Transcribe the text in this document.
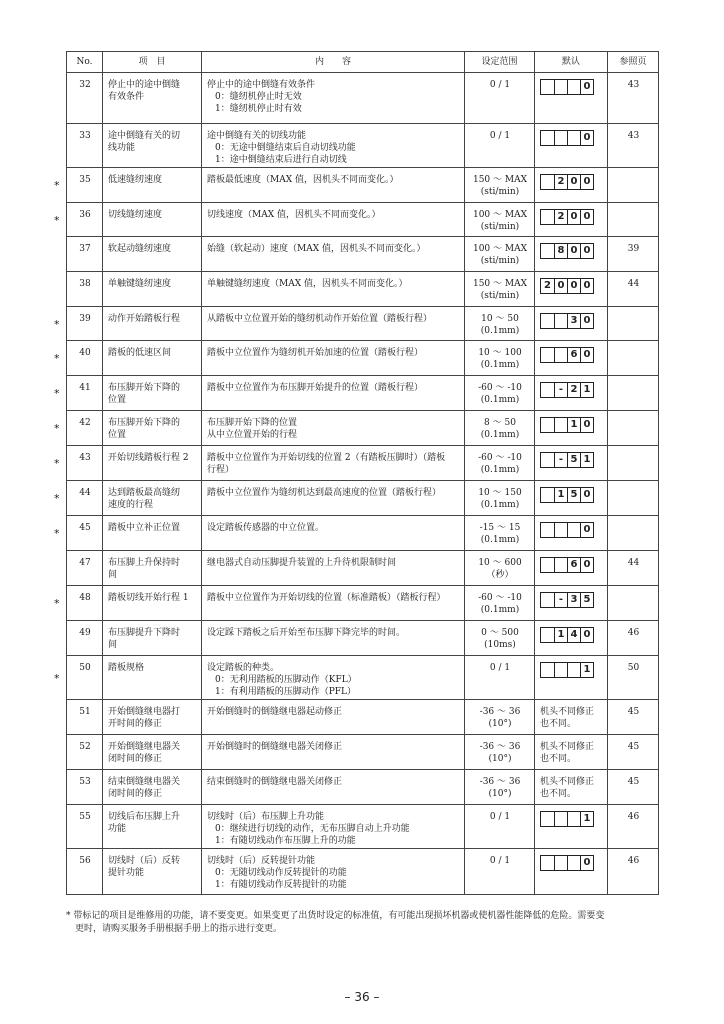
No.	项　目	内　　容	设定范围	默认	参照页
32	停止中的途中倒缝
有效条件	停止中的途中倒缝有效条件
0：缝纫机停止时无效
1：缝纫机停止时有效	0 / 1	0	43
33	途中倒缝有关的切
线功能	途中倒缝有关的切线功能
0：无途中倒缝结束后自动切线功能
1：途中倒缝结束后进行自动切线	0 / 1	0	43
35	低速缝纫速度	踏板最低速度（MAX 值，因机头不同而变化。）	150 ～ MAX
(sti/min)	2 0 0	

36	切线缝纫速度	切线速度（MAX 值，因机头不同而变化。）	100 ～ MAX
(sti/min)	2 0 0	

37	软起动缝纫速度	始缝（软起动）速度（MAX 值，因机头不同而变化。）	100 ～ MAX
(sti/min)	8 0 0	39
38	单触键缝纫速度	单触键缝纫速度（MAX 值，因机头不同而变化。）	150 ～ MAX
(sti/min)	2 0 0 0	44
39	动作开始踏板行程	从踏板中立位置开始的缝纫机动作开始位置（踏板行程）	10 ～ 50
(0.1mm)	3 0	

40	踏板的低速区间	踏板中立位置作为缝纫机开始加速的位置（踏板行程）	10 ～ 100
(0.1mm)	6 0	

41	布压脚开始下降的
位置	踏板中立位置作为布压脚开始提升的位置（踏板行程）	-60 ～ -10
(0.1mm)	- 2 1	

42	布压脚开始下降的
位置	布压脚开始下降的位置
从中立位置开始的行程	8 ～ 50
(0.1mm)	1 0	

43	开始切线踏板行程 2	踏板中立位置作为开始切线的位置 2（有踏板压脚时）（踏板
行程）	-60 ～ -10
(0.1mm)	- 5 1	

44	达到踏板最高缝纫
速度的行程	踏板中立位置作为缝纫机达到最高速度的位置（踏板行程）	10 ～ 150
(0.1mm)	1 5 0	

45	踏板中立补正位置	设定踏板传感器的中立位置。	-15 ～ 15
(0.1mm)	0	

47	布压脚上升保持时
间	继电器式自动压脚提升装置的上升待机限制时间	10 ～ 600
（秒）	6 0	44
48	踏板切线开始行程 1	踏板中立位置作为开始切线的位置（标准踏板）（踏板行程）	-60 ～ -10
(0.1mm)	- 3 5	

49	布压脚提升下降时
间	设定踩下踏板之后开始至布压脚下降完毕的时间。	0 ～ 500
(10ms)	1 4 0	46
50	踏板规格	设定踏板的种类。
0：无利用踏板的压脚动作（KFL）
1：有利用踏板的压脚动作（PFL）	0 / 1	1	50
51	开始倒缝继电器打
开时间的修正	开始倒缝时的倒缝继电器起动修正	-36 ～ 36
(10°)	机头不同修正
也不同。	45
52	开始倒缝继电器关
闭时间的修正	开始倒缝时的倒缝继电器关闭修正	-36 ～ 36
(10°)	机头不同修正
也不同。	45
53	结束倒缝继电器关
闭时间的修正	结束倒缝时的倒缝继电器关闭修正	-36 ～ 36
(10°)	机头不同修正
也不同。	45
55	切线后布压脚上升
功能	切线时（后）布压脚上升功能
0：继续进行切线的动作，无布压脚自动上升功能
1：有随切线动作布压脚上升的功能	0 / 1	1	46
56	切线时（后）反转
提针功能	切线时（后）反转提针功能
0：无随切线动作反转提针的功能
1：有随切线动作反转提针的功能	0 / 1	0	46
*
*
*
*
*
*
*
*
*
*
*
* 带标记的项目是维修用的功能，请不要变更。如果变更了出货时设定的标准值，有可能出现损坏机器或使机器性能降低的危险。需要变
　更时，请购买服务手册根据手册上的指示进行变更。
– 36 –
